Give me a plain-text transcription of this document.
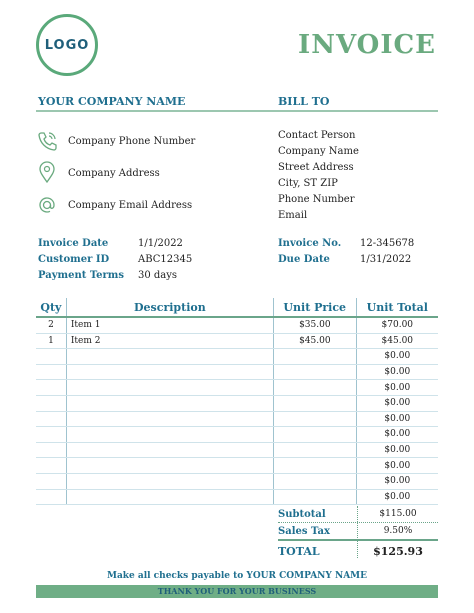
LOGO	INVOICE
YOUR COMPANY NAME	BILL TO
Company Phone Number
Company Address
Company Email Address
Contact Person
Company Name
Street Address
City, ST ZIP
Phone Number
Email
Invoice Date	1/1/2022
Customer ID	ABC12345
Payment Terms 30 days
Invoice No. 12-345678
Due Date	1/31/2022
Qty	Description	Unit Price	Unit Total
2	Item 1	$35.00	$70.00
1	Item 2	$45.00	$45.00
			$0.00
			$0.00
			$0.00
			$0.00
			$0.00
			$0.00
			$0.00
			$0.00
			$0.00
			$0.00
Subtotal	$115.00
Sales Tax	9.50%
TOTAL	$125.93
Make all checks payable to YOUR COMPANY NAME
THANK YOU FOR YOUR BUSINESS
